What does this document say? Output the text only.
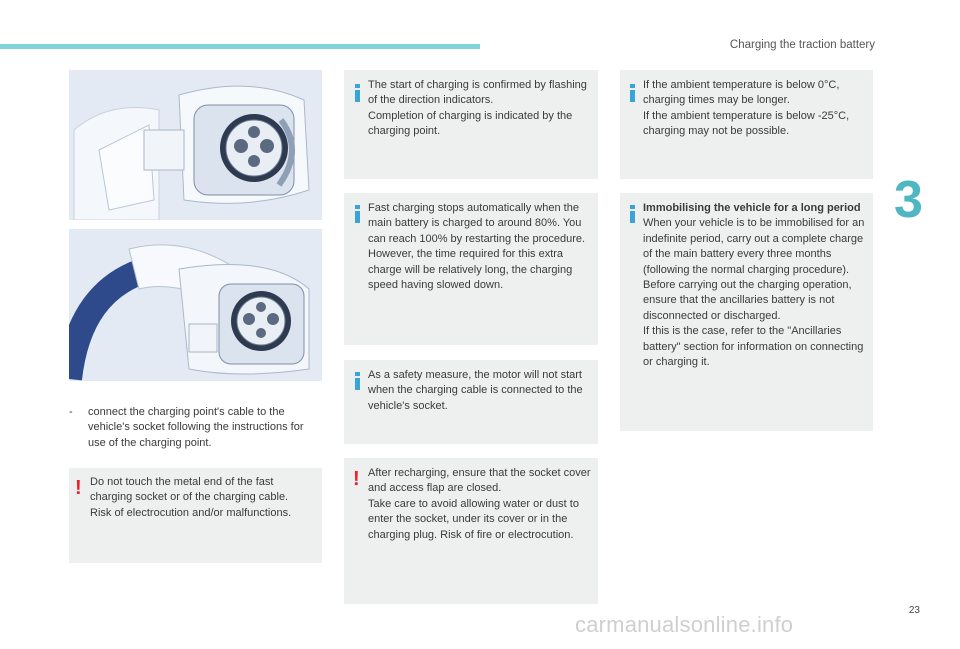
Charging the traction battery
3
-	connect the charging point's cable to the vehicle's socket following the instructions for use of the charging point.
! Do not touch the metal end of the fast charging socket or of the charging cable.

Risk of electrocution and/or malfunctions.

The start of charging is confirmed by flashing of the direction indicators.

Completion of charging is indicated by the charging point.

Fast charging stops automatically when the main battery is charged to around 80%. You can reach 100% by restarting the procedure. However, the time required for this extra charge will be relatively long, the charging speed having slowed down.

As a safety measure, the motor will not start when the charging cable is connected to the vehicle's socket.

! After recharging, ensure that the socket cover and access flap are closed.

Take care to avoid allowing water or dust to enter the socket, under its cover or in the charging plug. Risk of fire or electrocution.

If the ambient temperature is below 0°C, charging times may be longer.

If the ambient temperature is below -25°C, charging may not be possible.

Immobilising the vehicle for a long period

When your vehicle is to be immobilised for an indefinite period, carry out a complete charge of the main battery every three months (following the normal charging procedure).

Before carrying out the charging operation, ensure that the ancillaries battery is not disconnected or discharged.

If this is the case, refer to the "Ancillaries battery" section for information on connecting or charging it.

23
carmanualsonline.info
